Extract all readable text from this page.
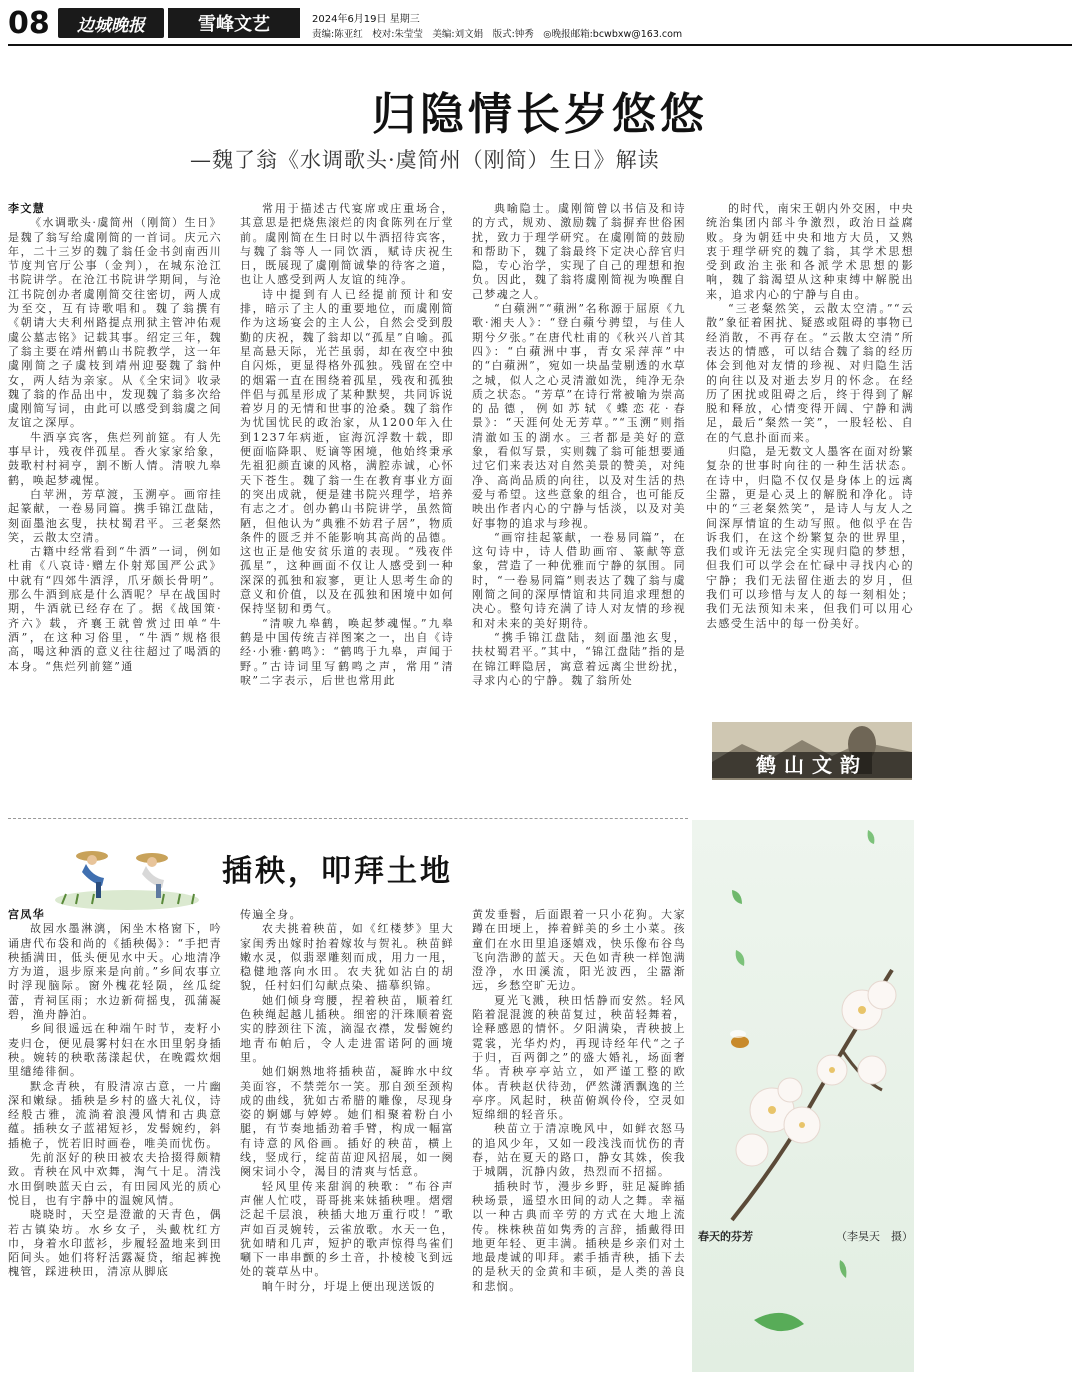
08 边城晚报	雪峰文艺	2024年6月19日 星期三
责编:陈亚红　校对:朱莹莹　美编:刘文娟　版式:钟秀　◎晚报邮箱:bcwbxw@163.com
归隐情长岁悠悠
—魏了翁《水调歌头·虞简州（刚简）生日》解读

李文慧

《水调歌头·虞简州（刚简）生日》是魏了翁写给虞刚简的一首词。庆元六年，二十三岁的魏了翁任金书剑南西川节度判官厅公事（金判），在城东沧江书院讲学。在沧江书院讲学期间，与沧江书院创办者虞刚简交往密切，两人成为至交，互有诗歌唱和。魏了翁撰有《朝请大夫利州路提点刑狱主管冲佑观虞公墓志铭》记载其事。绍定三年，魏了翁主要在靖州鹤山书院教学，这一年虞刚简之子虞枝到靖州迎娶魏了翁仲女，两人结为亲家。从《全宋词》收录魏了翁的作品出中，发现魏了翁多次给虞刚简写词，由此可以感受到翁虞之间友谊之深厚。

牛酒享宾客，焦烂列前筵。有人先事早计，残夜伴孤星。香火家家给象，鼓歌村村祠亨，割不断人情。清唳九皋鹤，唤起梦魂惺。

白苹洲，芳草渡，玉溯亭。画帘挂起篆献，一卷易同篇。携手锦江盘陆，刻面墨池玄叟，扶杖蜀君平。三老粲然笑，云散太空清。

古籍中经常看到“牛酒”一词，例如杜甫《八哀诗·赠左仆射郑国严公武》中就有“四郊牛酒浮，爪牙颇长骨明”。那么牛酒到底是什么酒呢？早在战国时期，牛酒就已经存在了。据《战国策·齐六》载，齐襄王就曾赏过田单“牛酒”，在这种习俗里，“牛酒”规格很高，喝这种酒的意义往往超过了喝酒的本身。“焦烂列前筵”通

常用于描述古代宴席或庄重场合，其意思是把烧焦滚烂的肉食陈列在厅堂前。虞刚简在生日时以牛酒招待宾客，与魏了翁等人一同饮酒，赋诗庆祝生日，既展现了虞刚简诚挚的待客之道，也让人感受到两人友谊的纯净。

诗中提到有人已经提前预计和安排，暗示了主人的重要地位，而虞刚简作为这场宴会的主人公，自然会受到殷勤的庆祝，魏了翁却以“孤星”自喻。孤星高悬天际，光芒虽弱，却在夜空中独自闪烁，更显得格外孤独。残留在空中的烟霜一直在围绕着孤星，残夜和孤独伴侣与孤星形成了某种默契，共同诉说着岁月的无情和世事的沧桑。魏了翁作为忧国忧民的政治家，从1200年入仕到1237年病逝，宦海沉浮数十载，即便面临降职、贬谪等困境，他始终秉承先祖犯颜直谏的风格，满腔赤诚，心怀天下苍生。魏了翁一生在教育事业方面的突出成就，便是建书院兴理学，培养有志之才。创办鹤山书院讲学，虽然简陋，但他认为“典雅不妨君子居”，物质条件的匮乏并不能影响其高尚的品德。这也正是他安贫乐道的表现。“残夜伴孤星”，这种画面不仅让人感受到一种深深的孤独和寂寥，更让人思考生命的意义和价值，以及在孤独和困境中如何保持坚韧和勇气。

“清唳九皋鹤，唤起梦魂惺。”九皋鹤是中国传统吉祥图案之一，出自《诗经·小雅·鹤鸣》：“鹤鸣于九皋，声闻于野。”古诗词里写鹤鸣之声，常用“清唳”二字表示，后世也常用此

典喻隐士。虞刚简曾以书信及和诗的方式，规劝、激励魏了翁摒弃世俗困扰，致力于理学研究。在虞刚简的鼓励和帮助下，魏了翁最终下定决心辞官归隐，专心治学，实现了自己的理想和抱负。因此，魏了翁将虞刚简视为唤醒自己梦魂之人。

“白蘋洲”“蘋洲”名称源于屈原《九歌·湘夫人》：“登白蘋兮骋望，与佳人期兮夕张。”在唐代杜甫的《秋兴八首其四》：“白蘋洲中事，青女采萍萍”中的“白蘋洲”，宛如一块晶莹剔透的水草之城，似人之心灵清澈如洗，纯净无杂质之状态。“芳草”在诗行常被喻为崇高的品德，例如苏轼《蝶恋花·春景》：“天涯何处无芳草。”“玉溯”则指清澈如玉的湖水。三者都是美好的意象，看似写景，实则魏了翁可能想要通过它们来表达对自然美景的赞美，对纯净、高尚品质的向往，以及对生活的热爱与希望。这些意象的组合，也可能反映出作者内心的宁静与恬淡，以及对美好事物的追求与珍视。

“画帘挂起篆献，一卷易同篇”，在这句诗中，诗人借助画帘、篆献等意象，营造了一种优雅而宁静的氛围。同时，“一卷易同篇”则表达了魏了翁与虞刚简之间的深厚情谊和共同追求理想的决心。整句诗充满了诗人对友情的珍视和对未来的美好期待。

“携手锦江盘陆，刻面墨池玄叟，扶杖蜀君平。”其中，“锦江盘陆”指的是在锦江畔隐居，寓意着远离尘世纷扰，寻求内心的宁静。魏了翁所处

的时代，南宋王朝内外交困，中央统治集团内部斗争激烈，政治日益腐败。身为朝廷中央和地方大员，又熟衷于理学研究的魏了翁，其学术思想受到政治主张和各派学术思想的影响，魏了翁渴望从这种束缚中解脱出来，追求内心的宁静与自由。

“三老粲然笑，云散太空清。”“云散”象征着困扰、疑惑或阻碍的事物已经消散，不再存在。“云散太空清”所表达的情感，可以结合魏了翁的经历体会到他对友情的珍视、对归隐生活的向往以及对逝去岁月的怀念。在经历了困扰或阻碍之后，终于得到了解脱和释放，心情变得开阔、宁静和满足，最后“粲然一笑”，一股轻松、自在的气息扑面而来。

归隐，是无数文人墨客在面对纷繁复杂的世事时向往的一种生活状态。在诗中，归隐不仅仅是身体上的远离尘嚣，更是心灵上的解脱和净化。诗中的“三老粲然笑”，是诗人与友人之间深厚情谊的生动写照。他似乎在告诉我们，在这个纷繁复杂的世界里，我们或许无法完全实现归隐的梦想，但我们可以学会在忙碌中寻找内心的宁静；我们无法留住逝去的岁月，但我们可以珍惜与友人的每一刻相处；我们无法预知未来，但我们可以用心去感受生活中的每一份美好。

鹤山文韵
插秧，叩拜土地

宫凤华

故园水墨淋漓，闲坐木格窗下，吟诵唐代布袋和尚的《插秧偈》：“手把青秧插满田，低头便见水中天。心地清净方为道，退步原来是向前。”乡间农事立时浮现脑际。窗外槐花轻陨，丝瓜绽蕾，青祠匡雨；水边新荷摇曳，孤蒲凝碧，渔舟静泊。

乡间很遥远在种端午时节，麦籽小麦归仓，便见晨雾村妇在水田里躬身插秧。婉转的秧歌荡漾起伏，在晚霞炊烟里缱绻徘徊。

默念青秧，有股清凉古意，一片幽深和嫩绿。插秧是乡村的盛大礼仪，诗经般古雅，流淌着浪漫风情和古典意蕴。插秧女子蓝裙短衫，发髻婉约，斜插桅子，恍若旧时画卷，唯美而忧伤。

先前沤好的秧田被农夫拾掇得颇精致。青秧在风中欢舞，淘气十足。清浅水田倒映蓝天白云，有田园风光的质心悦目，也有宇静中的温婉风情。

晓晓时，天空是澄澈的天青色，偶若古镇染坊。水乡女子，头戴枕红方巾，身着水印蓝衫，步履轻盈地来到田陌间头。她们将籽活露凝贷，缩起裤挽槐管，踩进秧田，清凉从脚底

传遍全身。

农夫挑着秧苗，如《红楼梦》里大家闺秀出嫁时抬着嫁妆与贺礼。秧苗鲜嫩水灵，似翡翠雕刻而成，用力一甩，稳健地落向水田。农夫犹如沾白的胡貌，任村妇们勾献点染、描摹织锦。

她们倾身弯腰，捏着秧苗，顺着红色秧绳起越儿插秧。细密的汗珠顺着瓷实的脖颈往下流，滴湿衣襟，发髻婉约地青布帕后，令人走进雷诺阿的画境里。

她们娴熟地将插秧苗，凝眸水中纹美面容，不禁莞尔一笑。那自颈至颈构成的曲线，犹如古希腊的雕像，尽现身姿的婀娜与婷婷。她们相聚着粉白小腿，有节奏地插劲着手臂，构成一幅富有诗意的风俗画。插好的秧苗，横上线，竖成行，绽苗苗迎风招展，如一阕阕宋词小令，渴目的清爽与恬意。

轻风里传来甜润的秧歌：“布谷声声催人忙哎，哥哥挑来妹插秧哩。熠熠泛起千层浪，秧插大地万重行哎！”歌声如百灵婉转，云雀放歌。水天一色，犹如晴和几声，短护的歌声惊得鸟雀们唰下一串串颤的乡土音，扑棱棱飞到远处的蓑草丛中。

晌午时分，圩堤上便出现送饭的

黄发垂髫，后面跟着一只小花狗。大家蹲在田埂上，捧着鲜美的乡土小菜。孩童们在水田里追逐嬉戏，快乐像布谷鸟飞向浩渺的蓝天。天色如青秧一样饱满澄净，水田溪流，阳光波西，尘嚣渐远，乡愁空旷无边。

夏光飞溅，秧田恬静而安然。轻风陷着混混渡的秧苗复过，秧苗轻舞着，诠释感恩的情怀。夕阳满染，青秧披上霓裳，光华灼灼，再现诗经年代“之子于归，百两御之”的盛大婚礼，场面奢华。青秧亭亭站立，如严谨工整的欧体。青秧赵伏待劲，俨然潇洒飘逸的兰亭序。风起时，秧苗俯飒伶伶，空灵如短绵细的轻音乐。

秧苗立于清凉晚风中，如鲜衣怒马的追风少年，又如一段浅浅而忧伤的青春，站在夏天的路口，静女其姝，俟我于城隅，沉静内敛，热烈而不招摇。

插秧时节，漫步乡野，驻足凝眸插秧场景，遥望水田间的动人之舞。幸福以一种古典而辛劳的方式在大地上流传。株株秧苗如隽秀的言辞，插戴得田地更年轻、更丰满。插秧是乡亲们对土地最虔诚的叩拜。素手插青秧，插下去的是秋天的金黄和丰硕，是人类的善良和悲悯。

春天的芬芳	（李昊天　摄）
